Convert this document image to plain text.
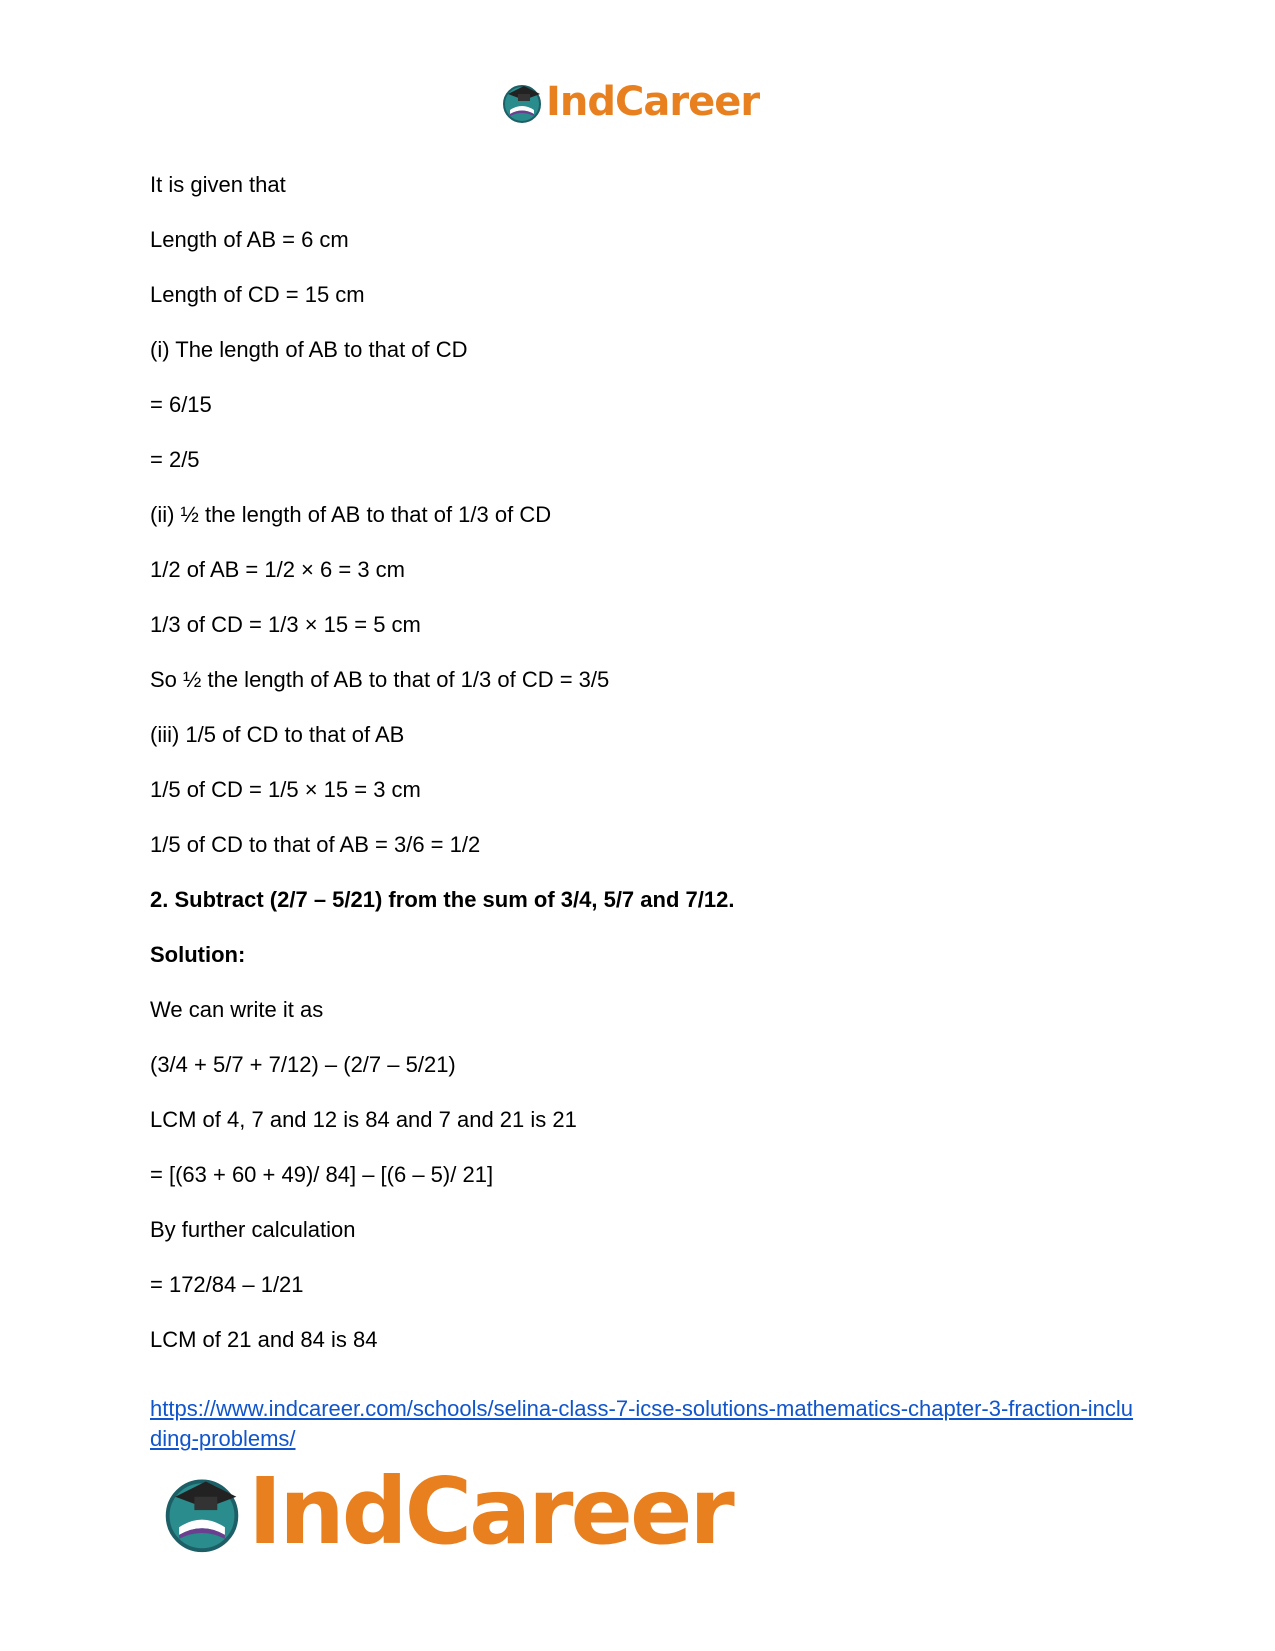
IndCareer
It is given that
Length of AB = 6 cm
Length of CD = 15 cm
(i) The length of AB to that of CD
= 6/15
= 2/5
(ii) ½ the length of AB to that of 1/3 of CD
1/2 of AB = 1/2 × 6 = 3 cm
1/3 of CD = 1/3 × 15 = 5 cm
So ½ the length of AB to that of 1/3 of CD = 3/5
(iii) 1/5 of CD to that of AB
1/5 of CD = 1/5 × 15 = 3 cm
1/5 of CD to that of AB = 3/6 = 1/2
2. Subtract (2/7 – 5/21) from the sum of 3/4, 5/7 and 7/12.
Solution:
We can write it as
(3/4 + 5/7 + 7/12) – (2/7 – 5/21)
LCM of 4, 7 and 12 is 84 and 7 and 21 is 21
= [(63 + 60 + 49)/ 84] – [(6 – 5)/ 21]
By further calculation
= 172/84 – 1/21
LCM of 21 and 84 is 84
https://www.indcareer.com/schools/selina-class-7-icse-solutions-mathematics-chapter-3-fraction-including-problems/
IndCareer
